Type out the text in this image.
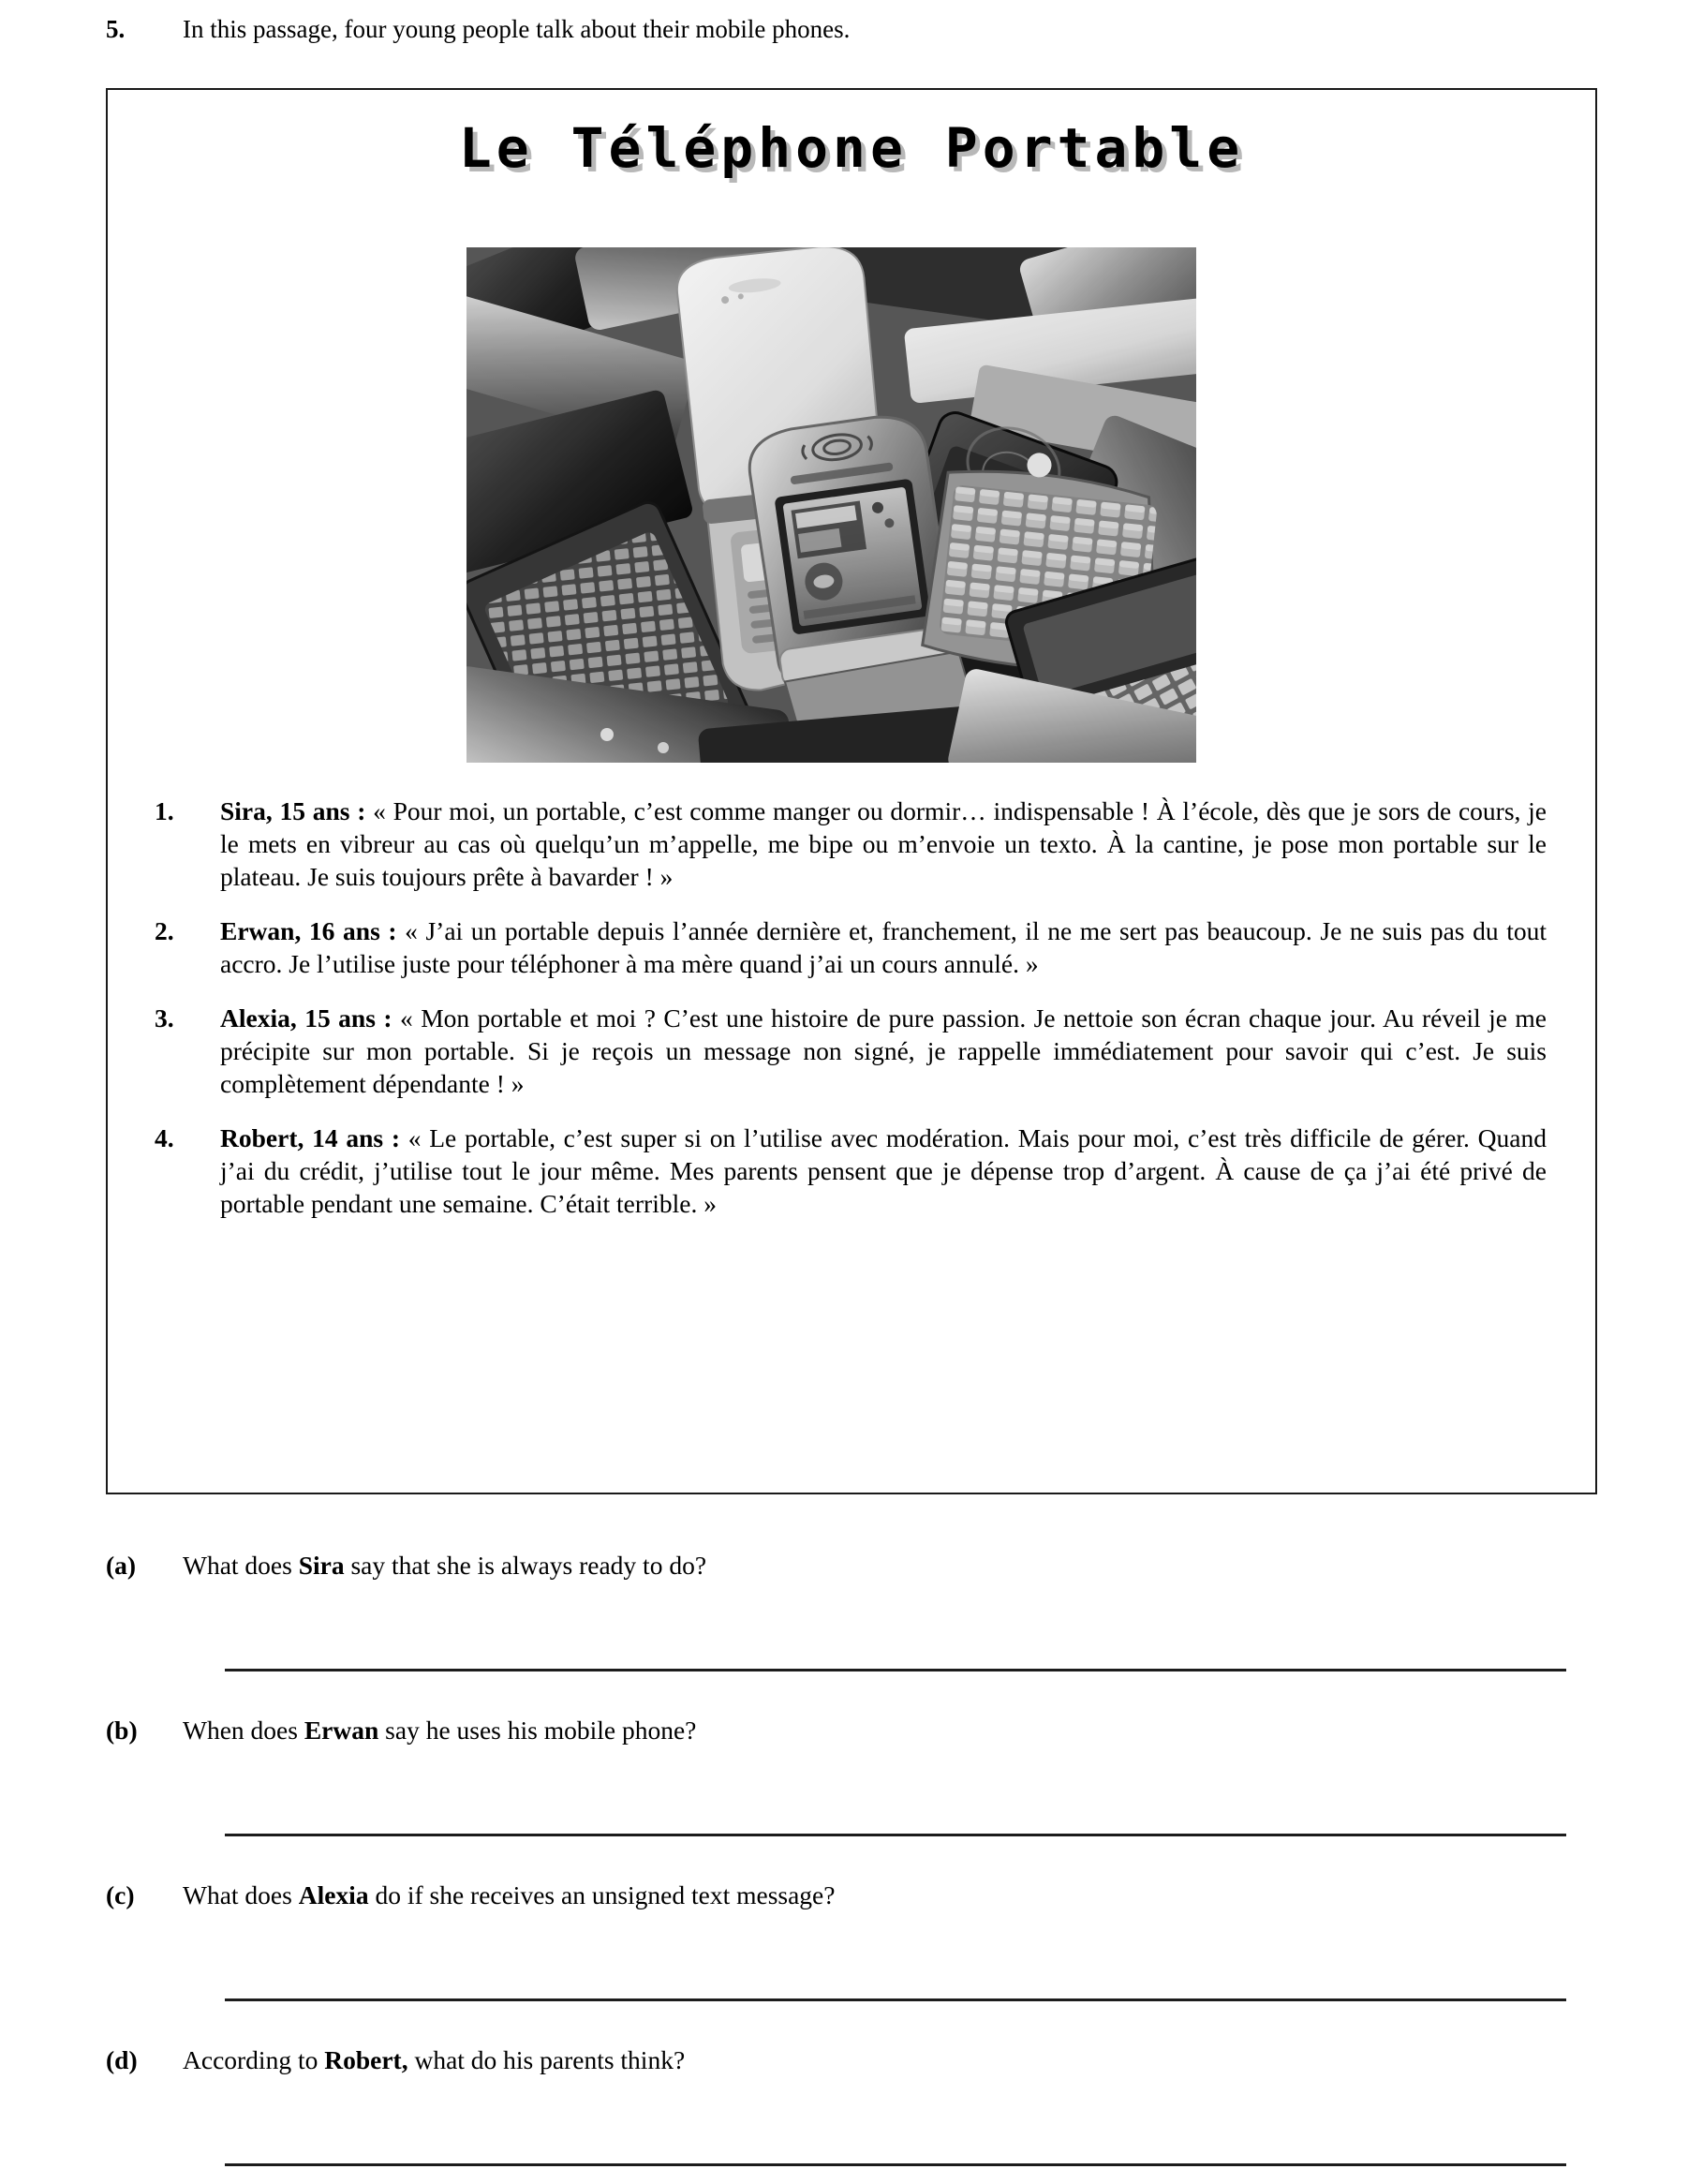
5.	In this passage, four young people talk about their mobile phones.
Le Téléphone Portable
1.	Sira, 15 ans : « Pour moi, un portable, c’est comme manger ou dormir… indispensable ! À l’école, dès que je sors de cours, je le mets en vibreur au cas où quelqu’un m’appelle, me bipe ou m’envoie un texto. À la cantine, je pose mon portable sur le plateau. Je suis toujours prête à bavarder ! »
2.	Erwan, 16 ans : « J’ai un portable depuis l’année dernière et, franchement, il ne me sert pas beaucoup. Je ne suis pas du tout accro. Je l’utilise juste pour téléphoner à ma mère quand j’ai un cours annulé. »
3.	Alexia, 15 ans : « Mon portable et moi ? C’est une histoire de pure passion. Je nettoie son écran chaque jour. Au réveil je me précipite sur mon portable. Si je reçois un message non signé, je rappelle immédiatement pour savoir qui c’est. Je suis complètement dépendante ! »
4.	Robert, 14 ans : « Le portable, c’est super si on l’utilise avec modération. Mais pour moi, c’est très difficile de gérer. Quand j’ai du crédit, j’utilise tout le jour même. Mes parents pensent que je dépense trop d’argent. À cause de ça j’ai été privé de portable pendant une semaine. C’était terrible. »
(a)	What does Sira say that she is always ready to do?
(b)	When does Erwan say he uses his mobile phone?
(c)	What does Alexia do if she receives an unsigned text message?
(d)	According to Robert, what do his parents think?
